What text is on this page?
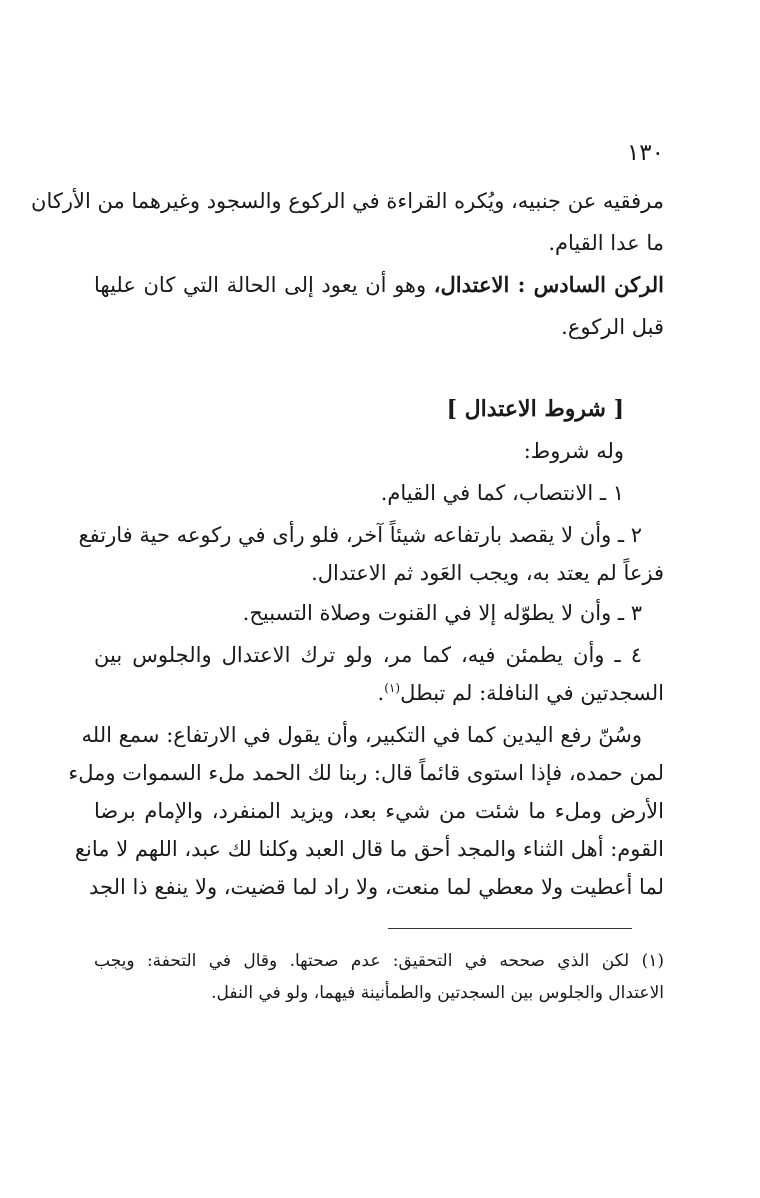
١٣٠
مرفقيه عن جنبيه، ويُكره القراءة في الركوع والسجود وغيرهما من الأركان
ما عدا القيام.
الركن السادس : الاعتدال، وهو أن يعود إلى الحالة التي كان عليها
قبل الركوع.
[ شروط الاعتدال ]
وله شروط:
١ ـ الانتصاب، كما في القيام.
٢ ـ وأن لا يقصد بارتفاعه شيئاً آخر، فلو رأى في ركوعه حية فارتفع
فزعاً لم يعتد به، ويجب العَود ثم الاعتدال.
٣ ـ وأن لا يطوّله إلا في القنوت وصلاة التسبيح.
٤ ـ وأن يطمئن فيه، كما مر، ولو ترك الاعتدال والجلوس بين
السجدتين في النافلة: لم تبطل$^{(١)}$.
وسُنّ رفع اليدين كما في التكبير، وأن يقول في الارتفاع: سمع الله
لمن حمده، فإذا استوى قائماً قال: ربنا لك الحمد ملء السموات وملء
الأرض وملء ما شئت من شيء بعد، ويزيد المنفرد، والإمام برضا
القوم: أهل الثناء والمجد أحق ما قال العبد وكلنا لك عبد، اللهم لا مانع
لما أعطيت ولا معطي لما منعت، ولا راد لما قضيت، ولا ينفع ذا الجد
(١) لكن الذي صححه في التحقيق: عدم صحتها. وقال في التحفة: ويجب
الاعتدال والجلوس بين السجدتين والطمأنينة فيهما، ولو في النفل.
